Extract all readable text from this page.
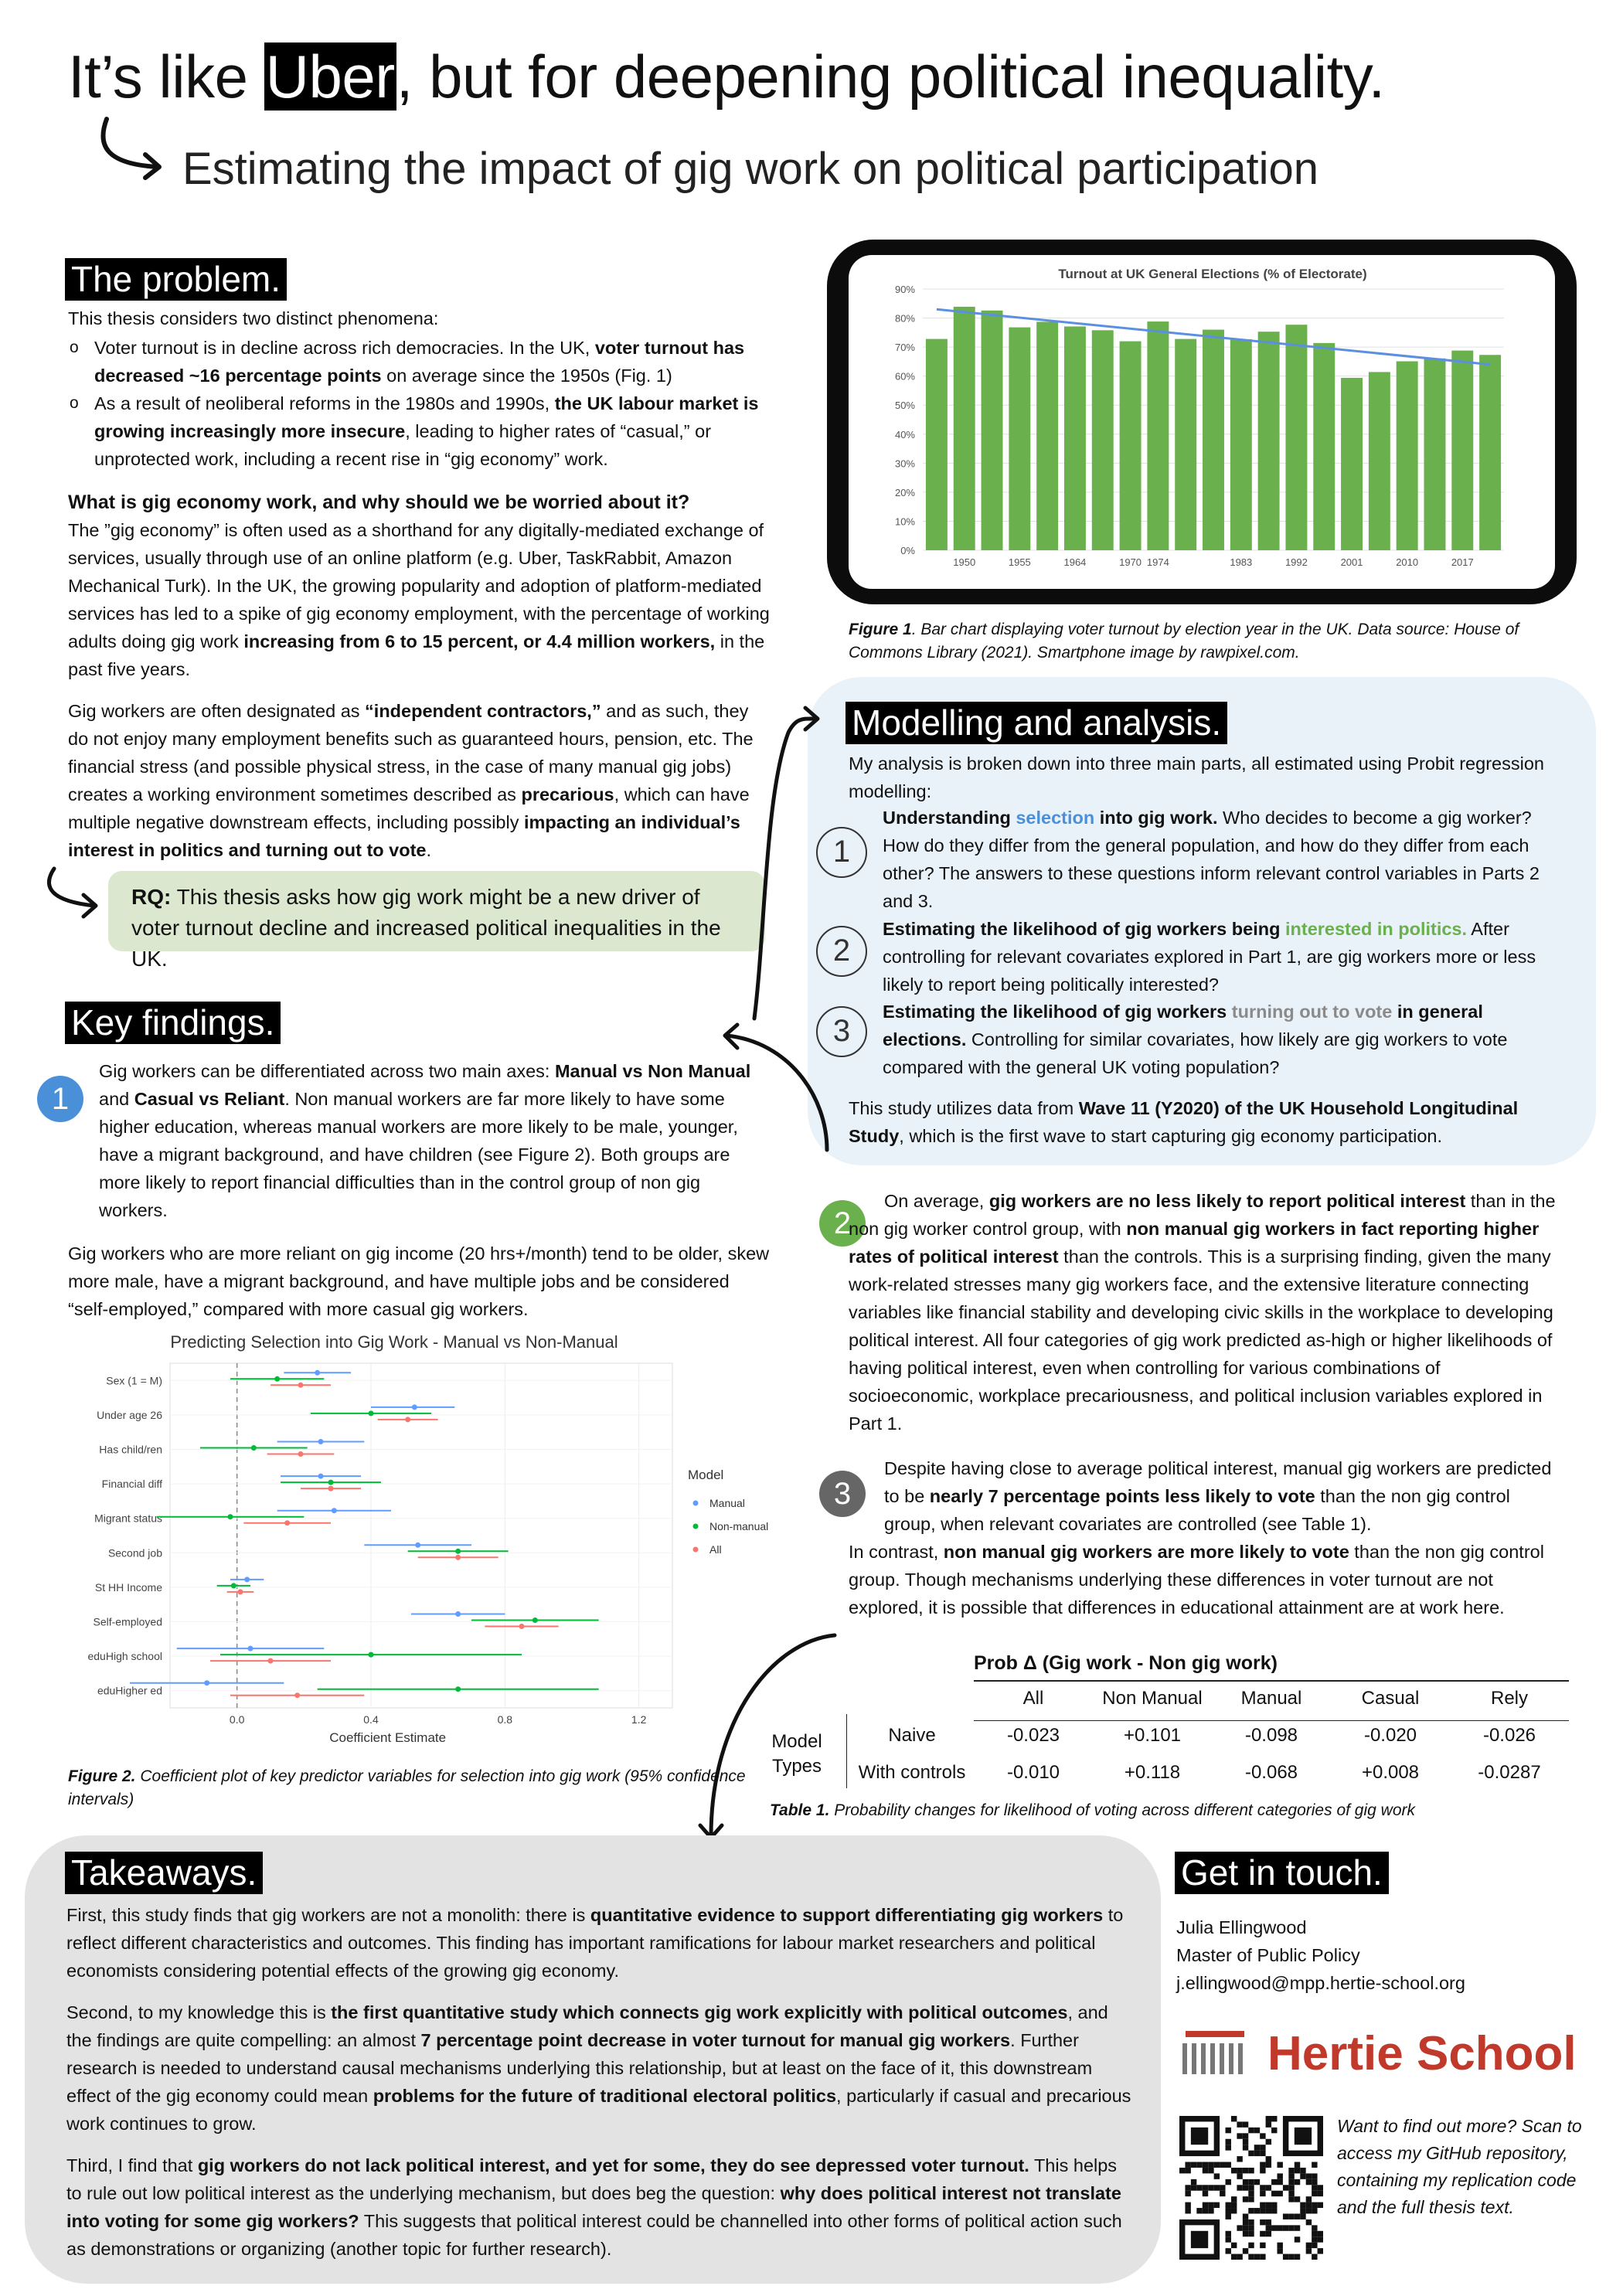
It’s like Uber, but for deepening political inequality.
Estimating the impact of gig work on political participation
The problem.

This thesis considers two distinct phenomena:

o Voter turnout is in decline across rich democracies. In the UK, voter turnout has decreased ~16 percentage points on average since the 1950s (Fig. 1)
o As a result of neoliberal reforms in the 1980s and 1990s, the UK labour market is growing increasingly more insecure, leading to higher rates of “casual,” or unprotected work, including a recent rise in “gig economy” work.

What is gig economy work, and why should we be worried about it?

The ”gig economy” is often used as a shorthand for any digitally-mediated exchange of services, usually through use of an online platform (e.g. Uber, TaskRabbit, Amazon Mechanical Turk). In the UK, the growing popularity and adoption of platform-mediated services has led to a spike of gig economy employment, with the percentage of working adults doing gig work increasing from 6 to 15 percent, or 4.4 million workers, in the past five years.

Gig workers are often designated as “independent contractors,” and as such, they do not enjoy many employment benefits such as guaranteed hours, pension, etc. The financial stress (and possible physical stress, in the case of many manual gig jobs) creates a working environment sometimes described as precarious, which can have multiple negative downstream effects, including possibly impacting an individual’s interest in politics and turning out to vote.

RQ: This thesis asks how gig work might be a new driver of voter turnout decline and increased political inequalities in the UK.
Turnout at UK General Elections (% of Electorate)
0%
10%
20%
30%
40%
50%
60%
70%
80%
90%
1950	1955	1964	1970 1974	1983	1992	2001	2010	2017
Figure 1. Bar chart displaying voter turnout by election year in the UK. Data source: House of Commons Library (2021). Smartphone image by rawpixel.com.
Modelling and analysis.
My analysis is broken down into three main parts, all estimated using Probit regression modelling:
1
Understanding selection into gig work. Who decides to become a gig worker? How do they differ from the general population, and how do they differ from each other? The answers to these questions inform relevant control variables in Parts 2 and 3.
2
Estimating the likelihood of gig workers being interested in politics. After controlling for relevant covariates explored in Part 1, are gig workers more or less likely to report being politically interested?
3
Estimating the likelihood of gig workers turning out to vote in general elections. Controlling for similar covariates, how likely are gig workers to vote compared with the general UK voting population?
This study utilizes data from Wave 11 (Y2020) of the UK Household Longitudinal Study, which is the first wave to start capturing gig economy participation.
Key findings.
1
Gig workers can be differentiated across two main axes: Manual vs Non Manual and Casual vs Reliant. Non manual workers are far more likely to have some higher education, whereas manual workers are more likely to be male, younger, have a migrant background, and have children (see Figure 2). Both groups are more likely to report financial difficulties than in the control group of non gig workers.
Gig workers who are more reliant on gig income (20 hrs+/month) tend to be older, skew more male, have a migrant background, and have multiple jobs and be considered “self-employed,” compared with more casual gig workers.
Predicting Selection into Gig Work - Manual vs Non-Manual
0.0	0.4	0.8	1.2
Coefficient Estimate
Sex (1 = M)
Under age 26
Has child/ren
Financial diff
Migrant status
Second job
St HH Income
Self-employed
eduHigh school
eduHigher ed
Model
Manual
Non-manual
All
Figure 2. Coefficient plot of key predictor variables for selection into gig work (95% confidence intervals)
2
On average, gig workers are no less likely to report political interest than in the non gig worker control group, with non manual gig workers in fact reporting higher rates of political interest than the controls. This is a surprising finding, given the many work-related stresses many gig workers face, and the extensive literature connecting variables like financial stability and developing civic skills in the workplace to developing political interest. All four categories of gig work predicted as-high or higher likelihoods of having political interest, even when controlling for various combinations of socioeconomic, workplace precariousness, and political inclusion variables explored in Part 1.
3
Despite having close to average political interest, manual gig workers are predicted to be nearly 7 percentage points less likely to vote than the non gig control group, when relevant covariates are controlled (see Table 1).
In contrast, non manual gig workers are more likely to vote than the non gig control group. Though mechanisms underlying these differences in voter turnout are not explored, it is possible that differences in educational attainment are at work here.
Prob Δ (Gig work - Non gig work)
Model Types
All	Non Manual	Manual	Casual	Rely
Naive	-0.023	+0.101	-0.098	-0.020	-0.026
With controls	-0.010	+0.118	-0.068	+0.008	-0.0287
Table 1. Probability changes for likelihood of voting across different categories of gig work
Takeaways.

First, this study finds that gig workers are not a monolith: there is quantitative evidence to support differentiating gig workers to reflect different characteristics and outcomes. This finding has important ramifications for labour market researchers and political economists considering potential effects of the growing gig economy.

Second, to my knowledge this is the first quantitative study which connects gig work explicitly with political outcomes, and the findings are quite compelling: an almost 7 percentage point decrease in voter turnout for manual gig workers. Further research is needed to understand causal mechanisms underlying this relationship, but at least on the face of it, this downstream effect of the gig economy could mean problems for the future of traditional electoral politics, particularly if casual and precarious work continues to grow.

Third, I find that gig workers do not lack political interest, and yet for some, they do see depressed voter turnout. This helps to rule out low political interest as the underlying mechanism, but does beg the question: why does political interest not translate into voting for some gig workers? This suggests that political interest could be channelled into other forms of political action such as demonstrations or organizing (another topic for further research).

Get in touch.
Julia Ellingwood
Master of Public Policy
j.ellingwood@mpp.hertie-school.org
Hertie School
Want to find out more? Scan to access my GitHub repository, containing my replication code and the full thesis text.
